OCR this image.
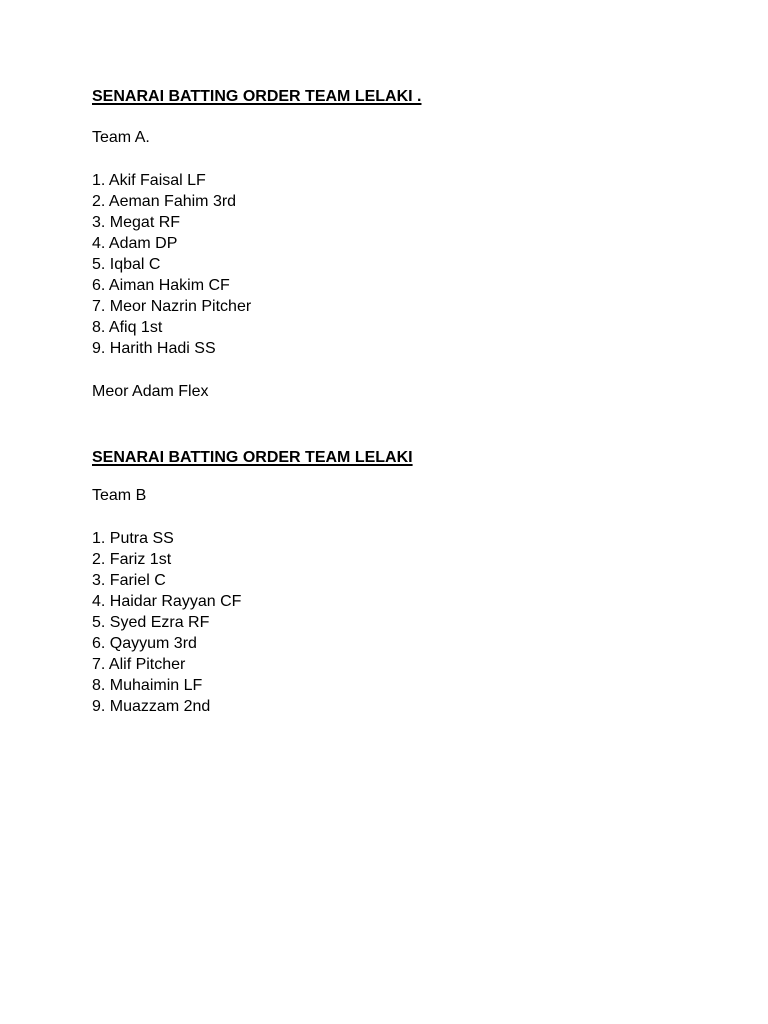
SENARAI BATTING ORDER TEAM LELAKI .

Team A.

1. Akif Faisal LF
2. Aeman Fahim 3rd
3. Megat RF
4. Adam DP
5. Iqbal C
6. Aiman Hakim CF
7. Meor Nazrin Pitcher
8. Afiq 1st
9. Harith Hadi SS

Meor Adam Flex

SENARAI BATTING ORDER TEAM LELAKI

Team B

1. Putra SS
2. Fariz 1st
3. Fariel C
4. Haidar Rayyan CF
5. Syed Ezra RF
6. Qayyum 3rd
7. Alif Pitcher
8. Muhaimin LF
9. Muazzam 2nd
